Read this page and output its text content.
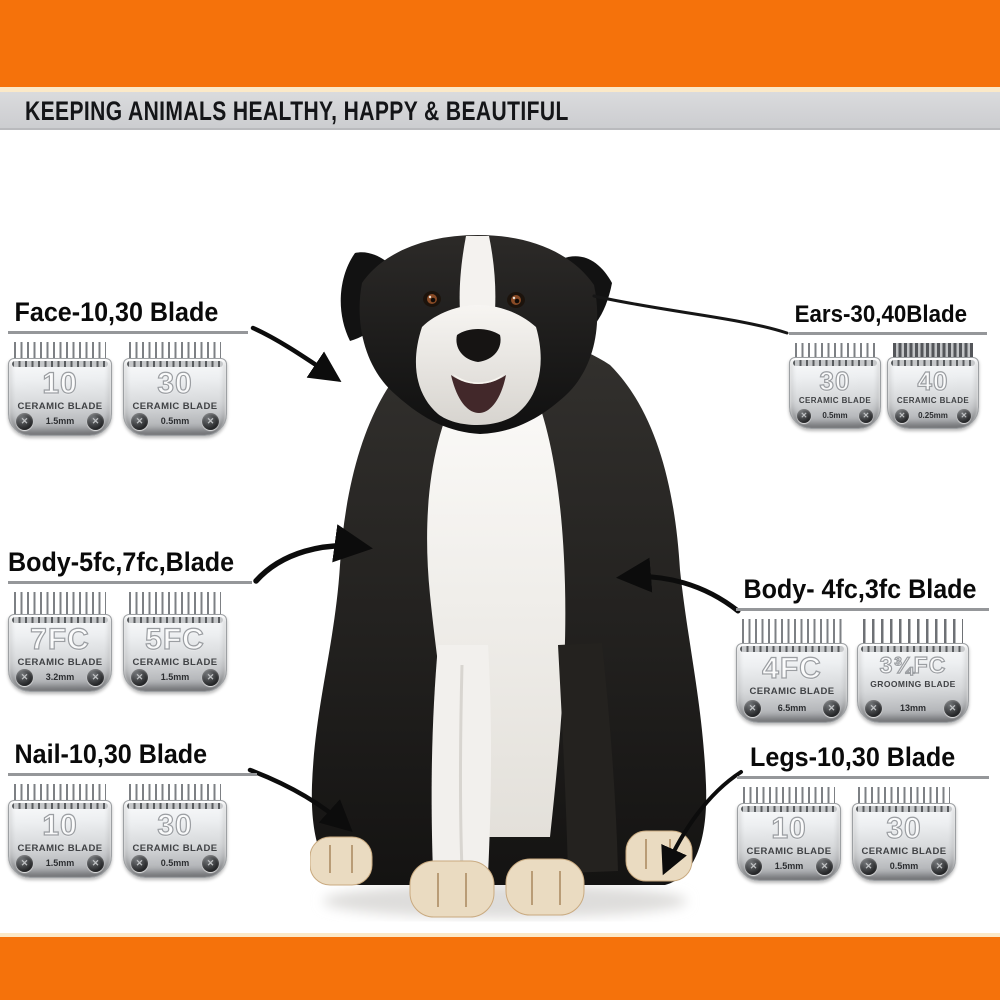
KEEPING ANIMALS HEALTHY, HAPPY & BEAUTIFUL
Face-10,30 Blade
10
CERAMIC BLADE
✕
1.5mm
✕
30
CERAMIC BLADE
✕
0.5mm
✕
Ears-30,40Blade
30
CERAMIC BLADE
✕
0.5mm
✕
40
CERAMIC BLADE
✕
0.25mm
✕
Body-5fc,7fc,Blade
7FC
CERAMIC BLADE
✕
3.2mm
✕
5FC
CERAMIC BLADE
✕
1.5mm
✕
Body- 4fc,3fc Blade
4FC
CERAMIC BLADE
✕
6.5mm
✕
3¾FC
GROOMING BLADE
✕
13mm
✕
Nail-10,30 Blade
10
CERAMIC BLADE
✕
1.5mm
✕
30
CERAMIC BLADE
✕
0.5mm
✕
Legs-10,30 Blade
10
CERAMIC BLADE
✕
1.5mm
✕
30
CERAMIC BLADE
✕
0.5mm
✕
